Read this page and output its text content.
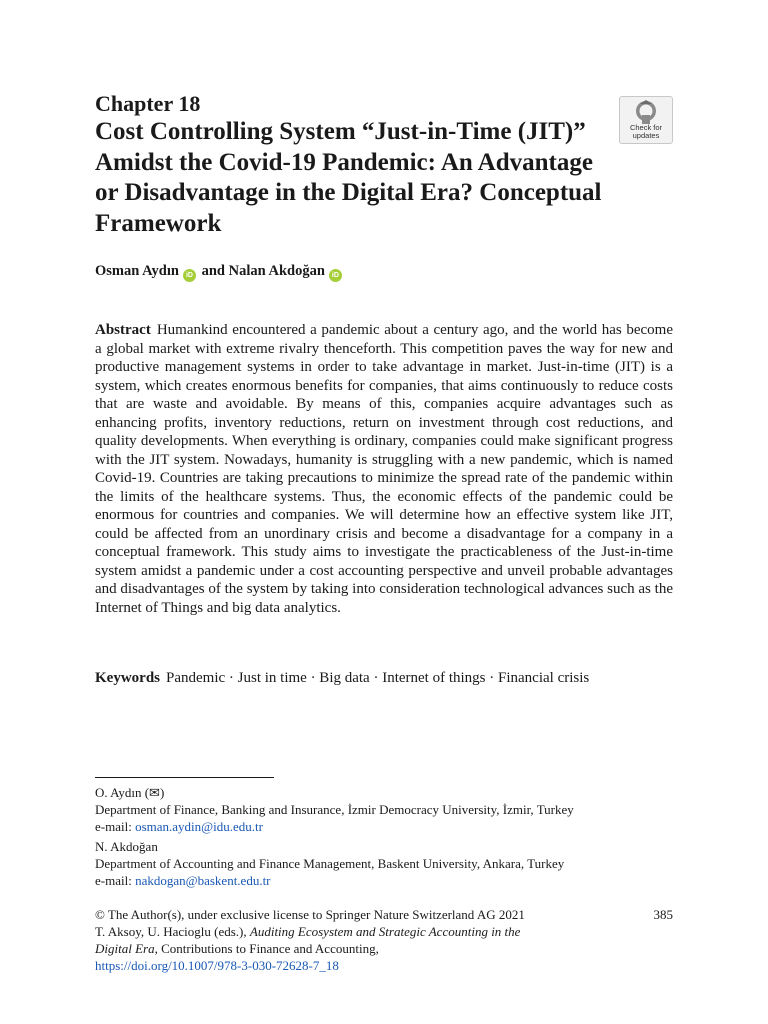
Chapter 18
Cost Controlling System “Just-in-Time (JIT)” Amidst the Covid-19 Pandemic: An Advantage or Disadvantage in the Digital Era? Conceptual Framework
Check for
updates
Osman Aydın iD and Nalan Akdoğan iD

Abstract Humankind encountered a pandemic about a century ago, and the world has become a global market with extreme rivalry thenceforth. This competition paves the way for new and productive management systems in order to take advantage in market. Just-in-time (JIT) is a system, which creates enormous benefits for companies, that aims continuously to reduce costs that are waste and avoidable. By means of this, companies acquire advantages such as enhancing profits, inventory reductions, return on investment through cost reductions, and quality developments. When everything is ordinary, companies could make significant progress with the JIT system. Nowadays, humanity is struggling with a new pandemic, which is named Covid-19. Countries are taking precautions to minimize the spread rate of the pandemic within the limits of the healthcare systems. Thus, the economic effects of the pandemic could be enormous for countries and companies. We will determine how an effective system like JIT, could be affected from an unordinary crisis and become a disadvantage for a company in a conceptual framework. This study aims to investigate the practicableness of the Just-in-time system amidst a pandemic under a cost accounting perspective and unveil probable advantages and disadvantages of the system by taking into consideration technological advances such as the Internet of Things and big data analytics.

Keywords Pandemic · Just in time · Big data · Internet of things · Financial crisis
O. Aydın (✉)
Department of Finance, Banking and Insurance, İzmir Democracy University, İzmir, Turkey
e-mail: osman.aydin@idu.edu.tr
N. Akdoğan
Department of Accounting and Finance Management, Baskent University, Ankara, Turkey
e-mail: nakdogan@baskent.edu.tr
© The Author(s), under exclusive license to Springer Nature Switzerland AG 2021
T. Aksoy, U. Hacioglu (eds.), Auditing Ecosystem and Strategic Accounting in the
Digital Era, Contributions to Finance and Accounting,
https://doi.org/10.1007/978-3-030-72628-7_18
385
